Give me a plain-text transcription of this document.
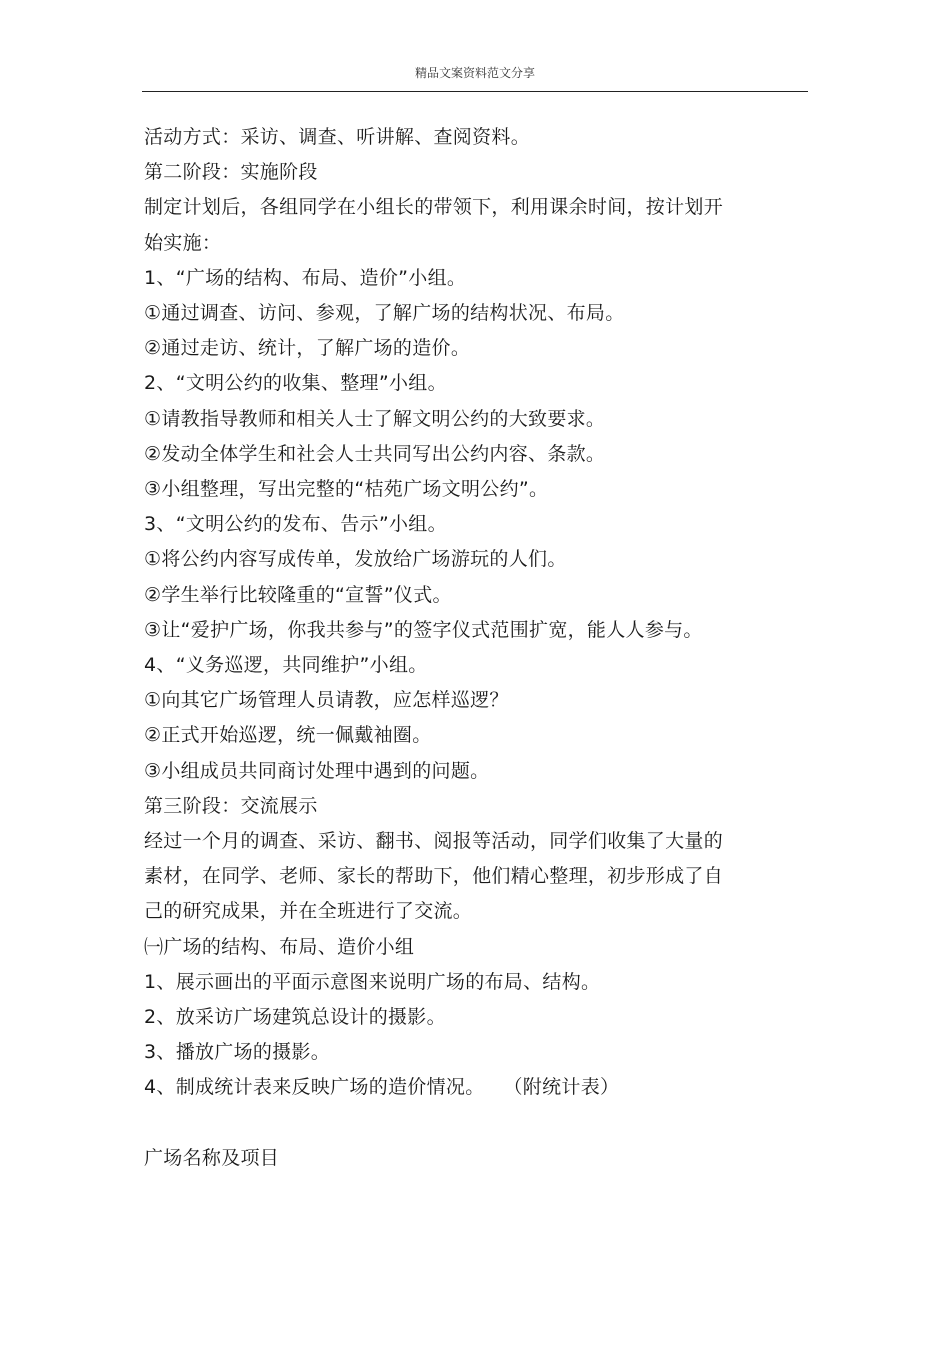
精品文案资料范文分享

活动方式：采访、调查、听讲解、查阅资料。

第二阶段：实施阶段

制定计划后，各组同学在小组长的带领下，利用课余时间，按计划开

始实施：

1、“广场的结构、布局、造价”小组。

①通过调查、访问、参观，了解广场的结构状况、布局。

②通过走访、统计，了解广场的造价。

2、“文明公约的收集、整理”小组。

①请教指导教师和相关人士了解文明公约的大致要求。

②发动全体学生和社会人士共同写出公约内容、条款。

③小组整理，写出完整的“桔苑广场文明公约”。

3、“文明公约的发布、告示”小组。

①将公约内容写成传单，发放给广场游玩的人们。

②学生举行比较隆重的“宣誓”仪式。

③让“爱护广场，你我共参与”的签字仪式范围扩宽，能人人参与。

4、“义务巡逻，共同维护”小组。

①向其它广场管理人员请教，应怎样巡逻？

②正式开始巡逻，统一佩戴袖圈。

③小组成员共同商讨处理中遇到的问题。

第三阶段：交流展示

经过一个月的调查、采访、翻书、阅报等活动，同学们收集了大量的

素材，在同学、老师、家长的帮助下，他们精心整理，初步形成了自

己的研究成果，并在全班进行了交流。

㈠广场的结构、布局、造价小组

1、展示画出的平面示意图来说明广场的布局、结构。

2、放采访广场建筑总设计的摄影。

3、播放广场的摄影。

4、制成统计表来反映广场的造价情况。   （附统计表）

广场名称及项目
